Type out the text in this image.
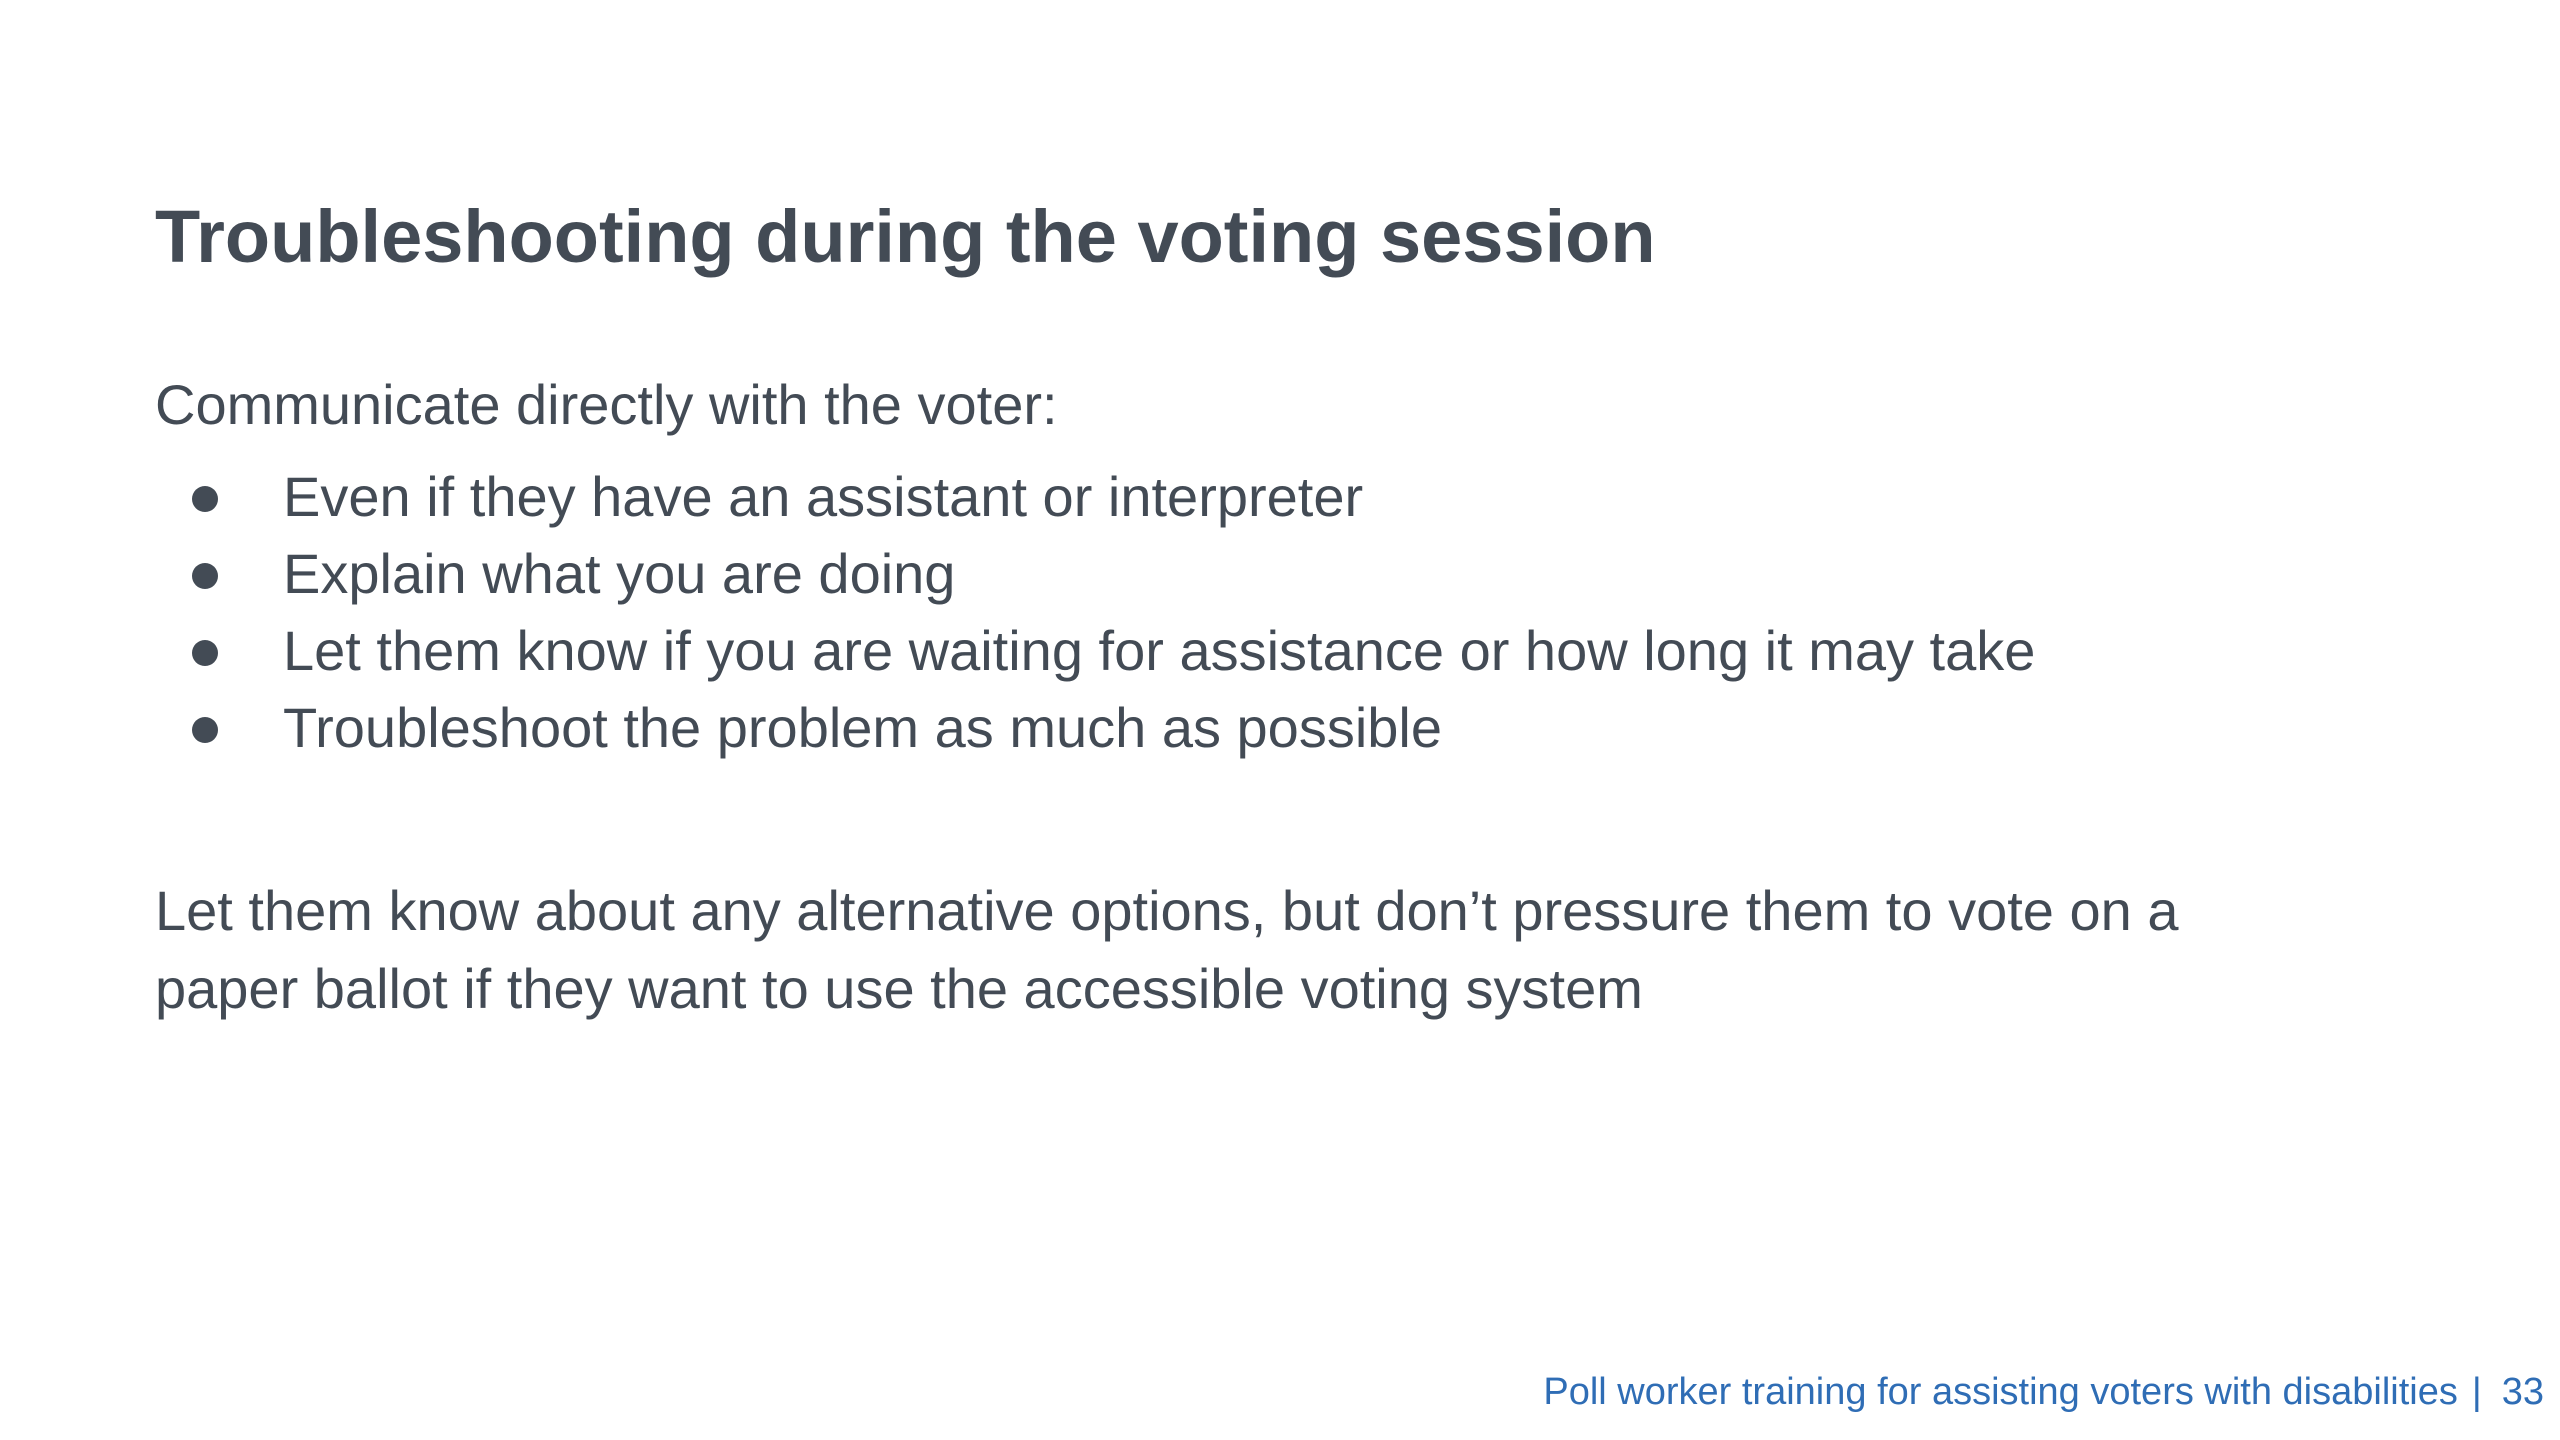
Troubleshooting during the voting session

Communicate directly with the voter:

Even if they have an assistant or interpreter
Explain what you are doing
Let them know if you are waiting for assistance or how long it may take
Troubleshoot the problem as much as possible

Let them know about any alternative options, but don’t pressure them to vote on a
paper ballot if they want to use the accessible voting system

Poll worker training for assisting voters with disabilities | 33
